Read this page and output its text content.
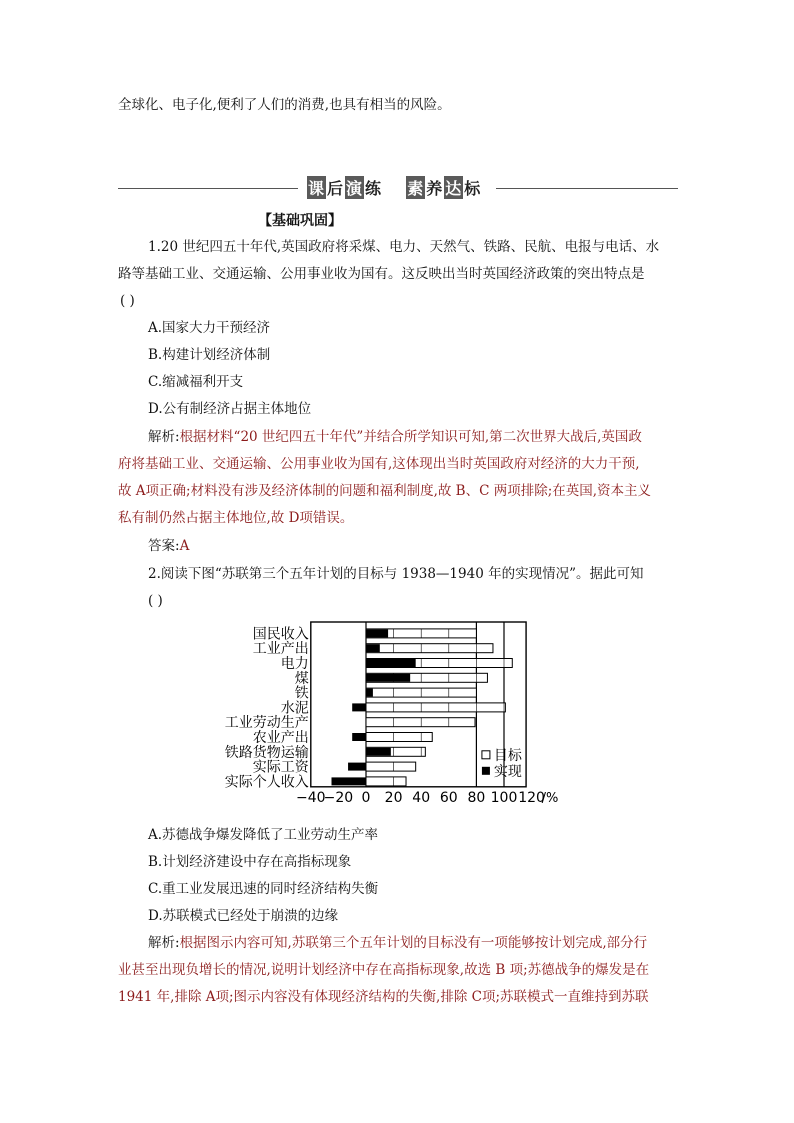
全球化、电子化,便利了人们的消费,也具有相当的风险。
课 后 演 练 素 养 达 标
【基础巩固】
1.20 世纪四五十年代,英国政府将采煤、电力、天然气、铁路、民航、电报与电话、水
路等基础工业、交通运输、公用事业收为国有。这反映出当时英国经济政策的突出特点是
( )
A.国家大力干预经济
B.构建计划经济体制
C.缩减福利开支
D.公有制经济占据主体地位
解析:根据材料“20 世纪四五十年代”并结合所学知识可知,第二次世界大战后,英国政
府将基础工业、交通运输、公用事业收为国有,这体现出当时英国政府对经济的大力干预,
故 A项正确;材料没有涉及经济体制的问题和福利制度,故 B、C 两项排除;在英国,资本主义
私有制仍然占据主体地位,故 D项错误。
答案:A
2.阅读下图“苏联第三个五年计划的目标与 1938—1940 年的实现情况”。据此可知
( )
国民收入
工业产出
电力
煤
铁
水泥
工业劳动生产
农业产出
铁路货物运输
实际工资
实际个人收入
−40
−20 0 20 40 60 80 100 120
/%
目标
实现
A.苏德战争爆发降低了工业劳动生产率
B.计划经济建设中存在高指标现象
C.重工业发展迅速的同时经济结构失衡
D.苏联模式已经处于崩溃的边缘
解析:根据图示内容可知,苏联第三个五年计划的目标没有一项能够按计划完成,部分行
业甚至出现负增长的情况,说明计划经济中存在高指标现象,故选 B 项;苏德战争的爆发是在
1941 年,排除 A项;图示内容没有体现经济结构的失衡,排除 C项;苏联模式一直维持到苏联
